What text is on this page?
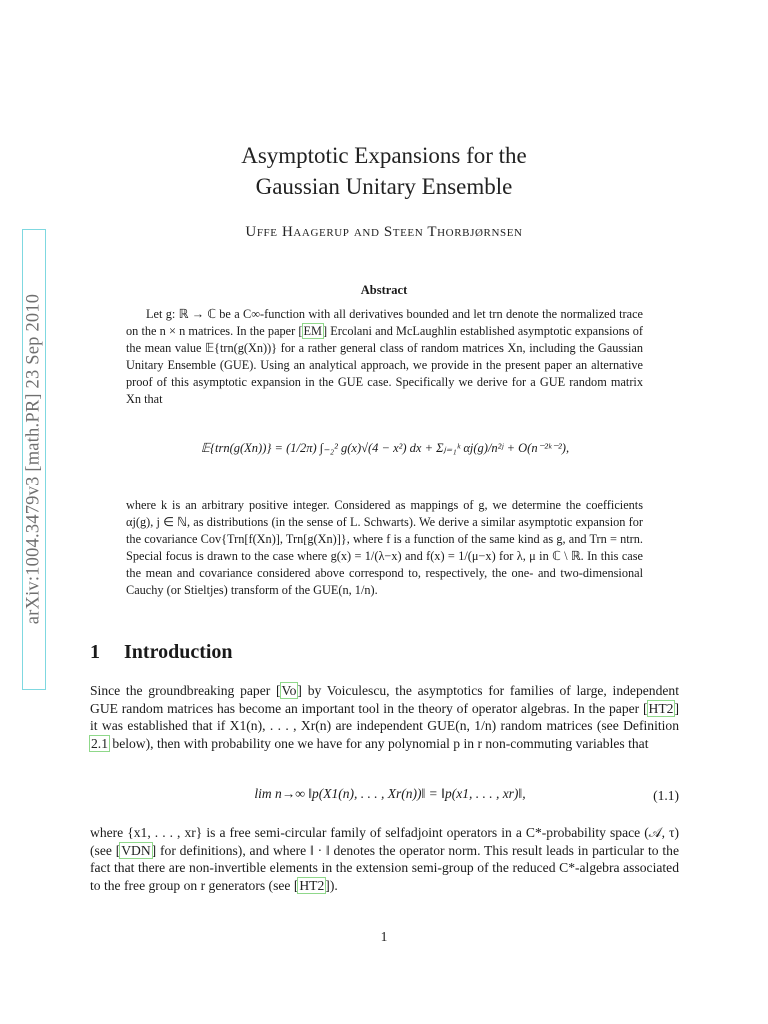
arXiv:1004.3479v3 [math.PR] 23 Sep 2010
Asymptotic Expansions for the
Gaussian Unitary Ensemble
Uffe Haagerup and Steen Thorbjørnsen
Abstract
Let g: ℝ → ℂ be a C∞-function with all derivatives bounded and let trn denote the normalized trace on the n × n matrices. In the paper [EM] Ercolani and McLaughlin established asymptotic expansions of the mean value 𝔼{trn(g(Xn))} for a rather general class of random matrices Xn, including the Gaussian Unitary Ensemble (GUE). Using an analytical approach, we provide in the present paper an alternative proof of this asymptotic expansion in the GUE case. Specifically we derive for a GUE random matrix Xn that
𝔼{trn(g(Xn))} = (1/2π) ∫₋₂² g(x)√(4 − x²) dx + Σⱼ₌₁ᵏ αj(g)/n²ʲ + O(n⁻²ᵏ⁻²),
where k is an arbitrary positive integer. Considered as mappings of g, we determine the coefficients αj(g), j ∈ ℕ, as distributions (in the sense of L. Schwarts). We derive a similar asymptotic expansion for the covariance Cov{Trn[f(Xn)], Trn[g(Xn)]}, where f is a function of the same kind as g, and Trn = ntrn. Special focus is drawn to the case where g(x) = 1/(λ−x) and f(x) = 1/(μ−x) for λ, μ in ℂ \ ℝ. In this case the mean and covariance considered above correspond to, respectively, the one- and two-dimensional Cauchy (or Stieltjes) transform of the GUE(n, 1/n).
1 Introduction
Since the groundbreaking paper [Vo] by Voiculescu, the asymptotics for families of large, independent GUE random matrices has become an important tool in the theory of operator algebras. In the paper [HT2] it was established that if X1(n), . . . , Xr(n) are independent GUE(n, 1/n) random matrices (see Definition 2.1 below), then with probability one we have for any polynomial p in r non-commuting variables that
lim n→∞ ‖p(X1(n), . . . , Xr(n))‖ = ‖p(x1, . . . , xr)‖,	(1.1)
where {x1, . . . , xr} is a free semi-circular family of selfadjoint operators in a C*-probability space (𝒜, τ) (see [VDN] for definitions), and where ‖ · ‖ denotes the operator norm. This result leads in particular to the fact that there are non-invertible elements in the extension semi-group of the reduced C*-algebra associated to the free group on r generators (see [HT2]).
1
